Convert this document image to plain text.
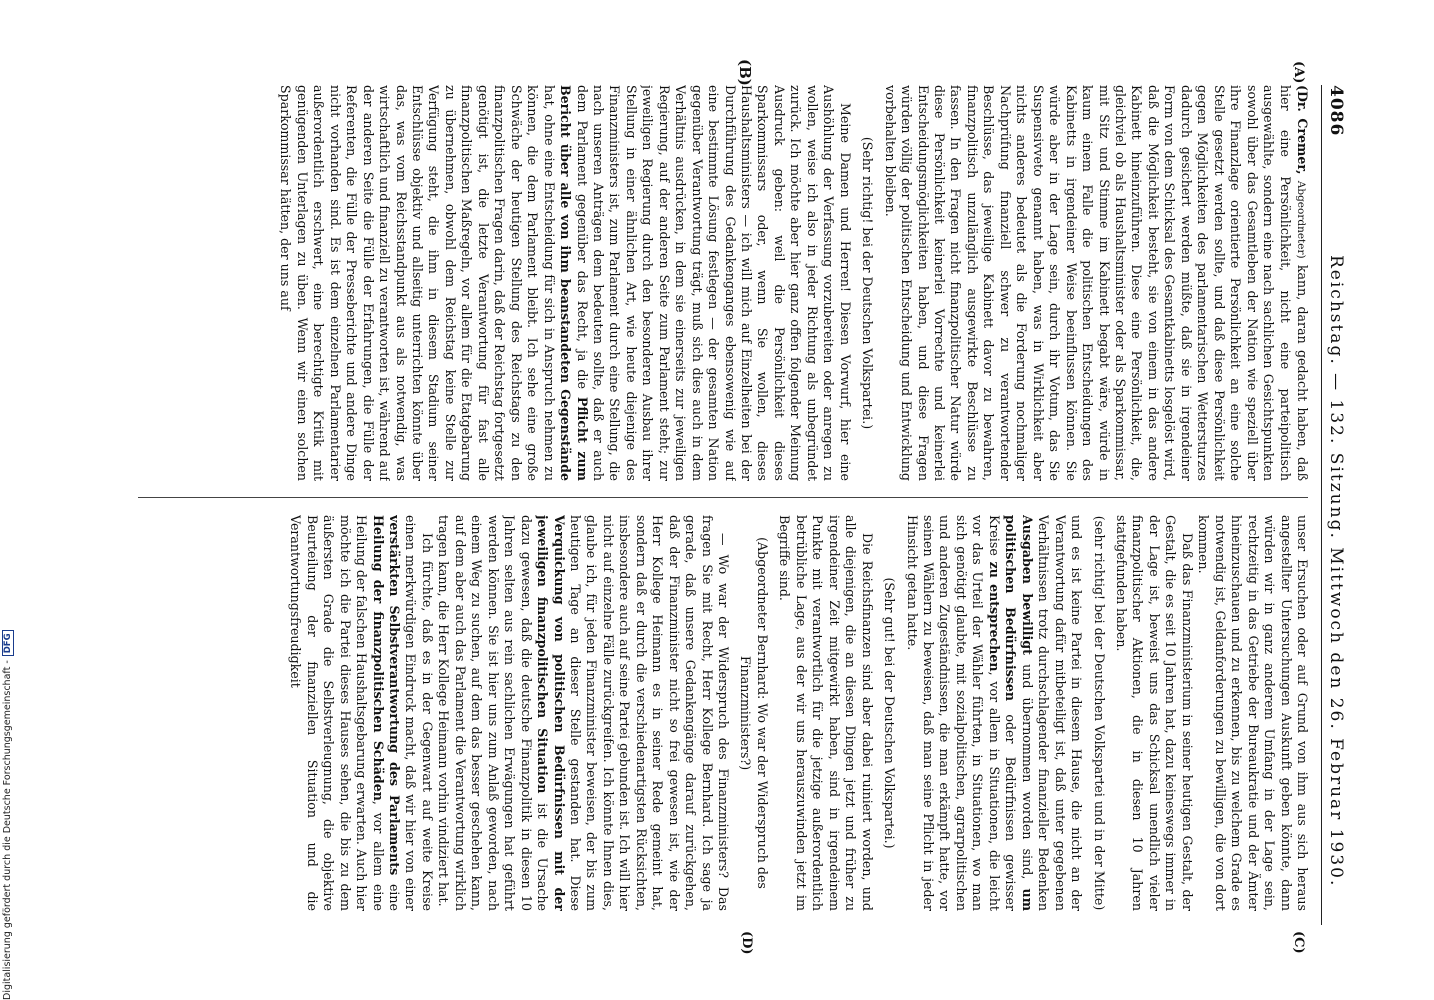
4086
Reichstag. — 132. Sitzung. Mittwoch den 26. Februar 1930.
(A)
(B)
(C)
(D)

(Dr. Cremer, Abgeordneter) kann, daran gedacht haben, daß hier eine Persönlichkeit, nicht eine parteipolitisch ausgewählte, sondern eine nach sachlichen Gesichtspunkten sowohl über das Gesamtleben der Nation wie speziell über ihre Finanzlage orientierte Persönlichkeit an eine solche Stelle gesetzt werden sollte, und daß diese Persönlichkeit gegen Möglichkeiten des parlamentarischen Wettersturzes dadurch gesichert werden müßte, daß sie in irgendeiner Form von dem Schicksal des Gesamtkabinetts losgelöst wird, daß die Möglichkeit besteht, sie von einem in das andere Kabinett hineinzuführen. Diese eine Persönlichkeit, die, gleichviel ob als Haushaltsminister oder als Sparkommissar, mit Sitz und Stimme im Kabinett begabt wäre, würde in kaum einem Falle die politischen Entscheidungen des Kabinetts in irgendeiner Weise beeinflussen können. Sie würde aber in der Lage sein, durch ihr Votum, das Sie Suspensivveto genannt haben, was in Wirklichkeit aber nichts anderes bedeutet als die Forderung nochmaliger Nachprüfung finanziell schwer zu verantwortender Beschlüsse, das jeweilige Kabinett davor zu bewahren, finanzpolitisch unzulänglich ausgewirkte Beschlüsse zu fassen. In den Fragen nicht finanzpolitischer Natur würde diese Persönlichkeit keinerlei Vorrechte und keinerlei Entscheidungsmöglichkeiten haben, und diese Fragen würden völlig der politischen Entscheidung und Entwicklung vorbehalten bleiben.

(Sehr richtig! bei der Deutschen Volkspartei.)

Meine Damen und Herren! Diesen Vorwurf, hier eine Aushöhlung der Verfassung vorzubereiten oder anregen zu wollen, weise ich also in jeder Richtung als unbegründet zurück. Ich möchte aber hier ganz offen folgender Meinung Ausdruck geben: weil die Persönlichkeit dieses Sparkommissars oder, wenn Sie wollen, dieses Haushaltsministers — ich will mich auf Einzelheiten bei der Durchführung des Gedankenganges ebensowenig wie auf eine bestimmte Lösung festlegen — der gesamten Nation gegenüber Verantwortung trägt, muß sich dies auch in dem Verhältnis ausdrücken, in dem sie einerseits zur jeweiligen Regierung, auf der anderen Seite zum Parlament steht; zur jeweiligen Regierung durch den besonderen Ausbau ihrer Stellung in einer ähnlichen Art, wie heute diejenige des Finanzministers ist, zum Parlament durch eine Stellung, die nach unseren Anträgen dem bedeuten sollte, daß er auch dem Parlament gegenüber das Recht, ja die Pflicht zum Bericht über alle von ihm beanstandeten Gegenstände hat, ohne eine Entscheidung für sich in Anspruch nehmen zu können, die dem Parlament bleibt. Ich sehe eine große Schwäche der heutigen Stellung des Reichstags zu den finanzpolitischen Fragen darin, daß der Reichstag fortgesetzt genötigt ist, die letzte Verantwortung für fast alle finanzpolitischen Maßregeln, vor allem für die Etatgebarung zu übernehmen, obwohl dem Reichstag keine Stelle zur Verfügung steht, die ihm in diesem Stadium seiner Entschlüsse objektiv und allseitig unterrichten könnte über das, was vom Reichsstandpunkt aus als notwendig, was wirtschaftlich und finanziell zu verantworten ist, während auf der anderen Seite die Fülle der Erfahrungen, die Fülle der Referenten, die Fülle der Presseberichte und andere Dinge nicht vorhanden sind. Es ist dem einzelnen Parlamentarier außerordentlich erschwert, eine berechtigte Kritik mit genügenden Unterlagen zu üben. Wenn wir einen solchen Sparkommissar hätten, der uns auf

unser Ersuchen oder auf Grund von ihm aus sich heraus angestellter Untersuchungen Auskunft geben könnte, dann würden wir in ganz anderem Umfang in der Lage sein, rechtzeitig in das Getriebe der Bureaukratie und der Ämter hineinzuschauen und zu erkennen, bis zu welchem Grade es notwendig ist, Geldanforderungen zu bewilligen, die von dort kommen.

Daß das Finanzministerium in seiner heutigen Gestalt, der Gestalt, die es seit 10 Jahren hat, dazu keineswegs immer in der Lage ist, beweist uns das Schicksal unendlich vieler finanzpolitischer Aktionen, die in diesen 10 Jahren stattgefunden haben.

(sehr richtig! bei der Deutschen Volkspartei und in der Mitte)

und es ist keine Partei in diesem Hause, die nicht an der Verantwortung dafür mitbeteiligt ist, daß unter gegebenen Verhältnissen trotz durchschlagender finanzieller Bedenken Ausgaben bewilligt und übernommen worden sind, um politischen Bedürfnissen oder Bedürfnissen gewisser Kreise zu entsprechen, vor allem in Situationen, die leicht vor das Urteil der Wähler führten, in Situationen, wo man sich genötigt glaubte, mit sozialpolitischen, agrarpolitischen und anderen Zugeständnissen, die man erkämpft hatte, vor seinen Wählern zu beweisen, daß man seine Pflicht in jeder Hinsicht getan hatte.

(Sehr gut! bei der Deutschen Volkspartei.)

Die Reichsfinanzen sind aber dabei ruiniert worden, und alle diejenigen, die an diesen Dingen jetzt und früher zu irgendeiner Zeit mitgewirkt haben, sind in irgendeinem Punkte mit verantwortlich für die jetzige außerordentlich betrübliche Lage, aus der wir uns herauszuwinden jetzt im Begriffe sind.

(Abgeordneter Bernhard: Wo war der Widerspruch des Finanzministers?)

— Wo war der Widerspruch des Finanzministers? Das fragen Sie mit Recht, Herr Kollege Bernhard. Ich sage ja gerade, daß unsere Gedankengänge darauf zurückgehen, daß der Finanzminister nicht so frei gewesen ist, wie der Herr Kollege Heimann es in seiner Rede gemeint hat, sondern daß er durch die verschiedenartigsten Rücksichten, insbesondere auch auf seine Partei gebunden ist. Ich will hier nicht auf einzelne Fälle zurückgreifen. Ich könnte Ihnen dies, glaube ich, für jeden Finanzminister beweisen, der bis zum heutigen Tage an dieser Stelle gestanden hat. Diese Verquickung von politischen Bedürfnissen mit der jeweiligen finanzpolitischen Situation ist die Ursache dazu gewesen, daß die deutsche Finanzpolitik in diesen 10 Jahren selten aus rein sachlichen Erwägungen hat geführt werden können. Sie ist hier uns zum Anlaß geworden, nach einem Weg zu suchen, auf dem das besser geschehen kann, auf dem aber auch das Parlament die Verantwortung wirklich tragen kann, die Herr Kollege Heimann vorhin vindiziert hat.

Ich fürchte, daß es in der Gegenwart auf weite Kreise einen merkwürdigen Eindruck macht, daß wir hier von einer verstärkten Selbstverantwortung des Parlaments eine Heilung der finanzpolitischen Schäden, vor allem eine Heilung der falschen Haushaltsgebarung erwarten. Auch hier möchte ich die Partei dieses Hauses sehen, die bis zu dem äußersten Grade die Selbstverleugnung, die objektive Beurteilung der finanziellen Situation und die Verantwortungsfreudigkeit

Digitalisierung gefördert durch die Deutsche Forschungsgemeinschaft -DFG
